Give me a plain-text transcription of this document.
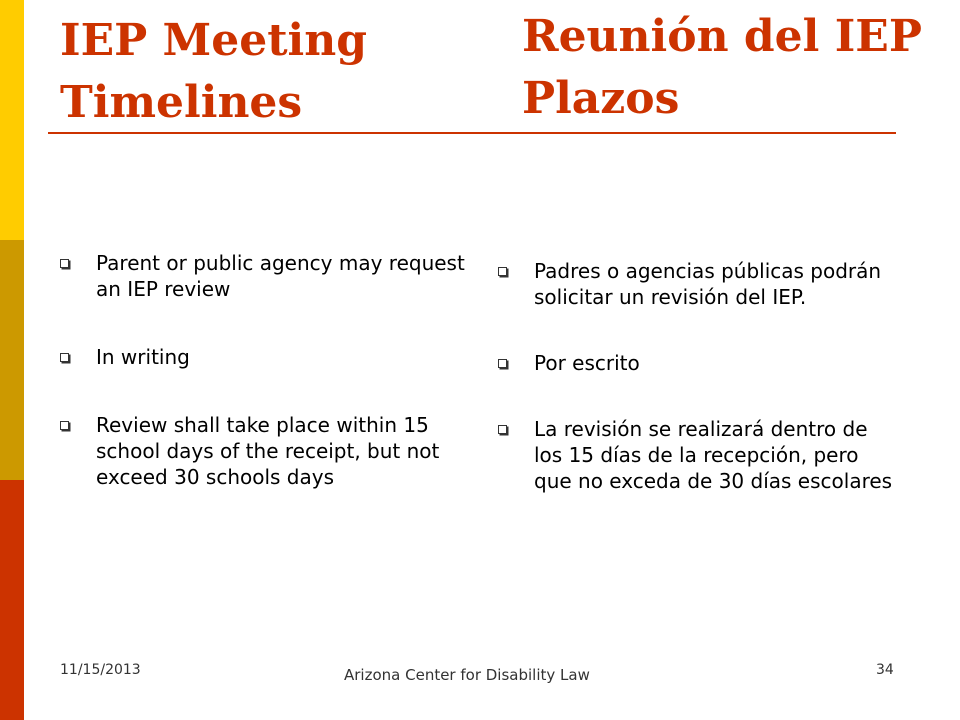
IEP Meeting
Timelines
Reunión del IEP
Plazos
Parent or public agency may request an IEP review
In writing
Review shall take place within 15 school days of the receipt, but not exceed 30 schools days
Padres o agencias públicas podrán solicitar un revisión del IEP.
Por escrito
La revisión se realizará dentro de los 15 días de la recepción, pero que no exceda de 30 días escolares
11/15/2013	Arizona Center for Disability Law	34
